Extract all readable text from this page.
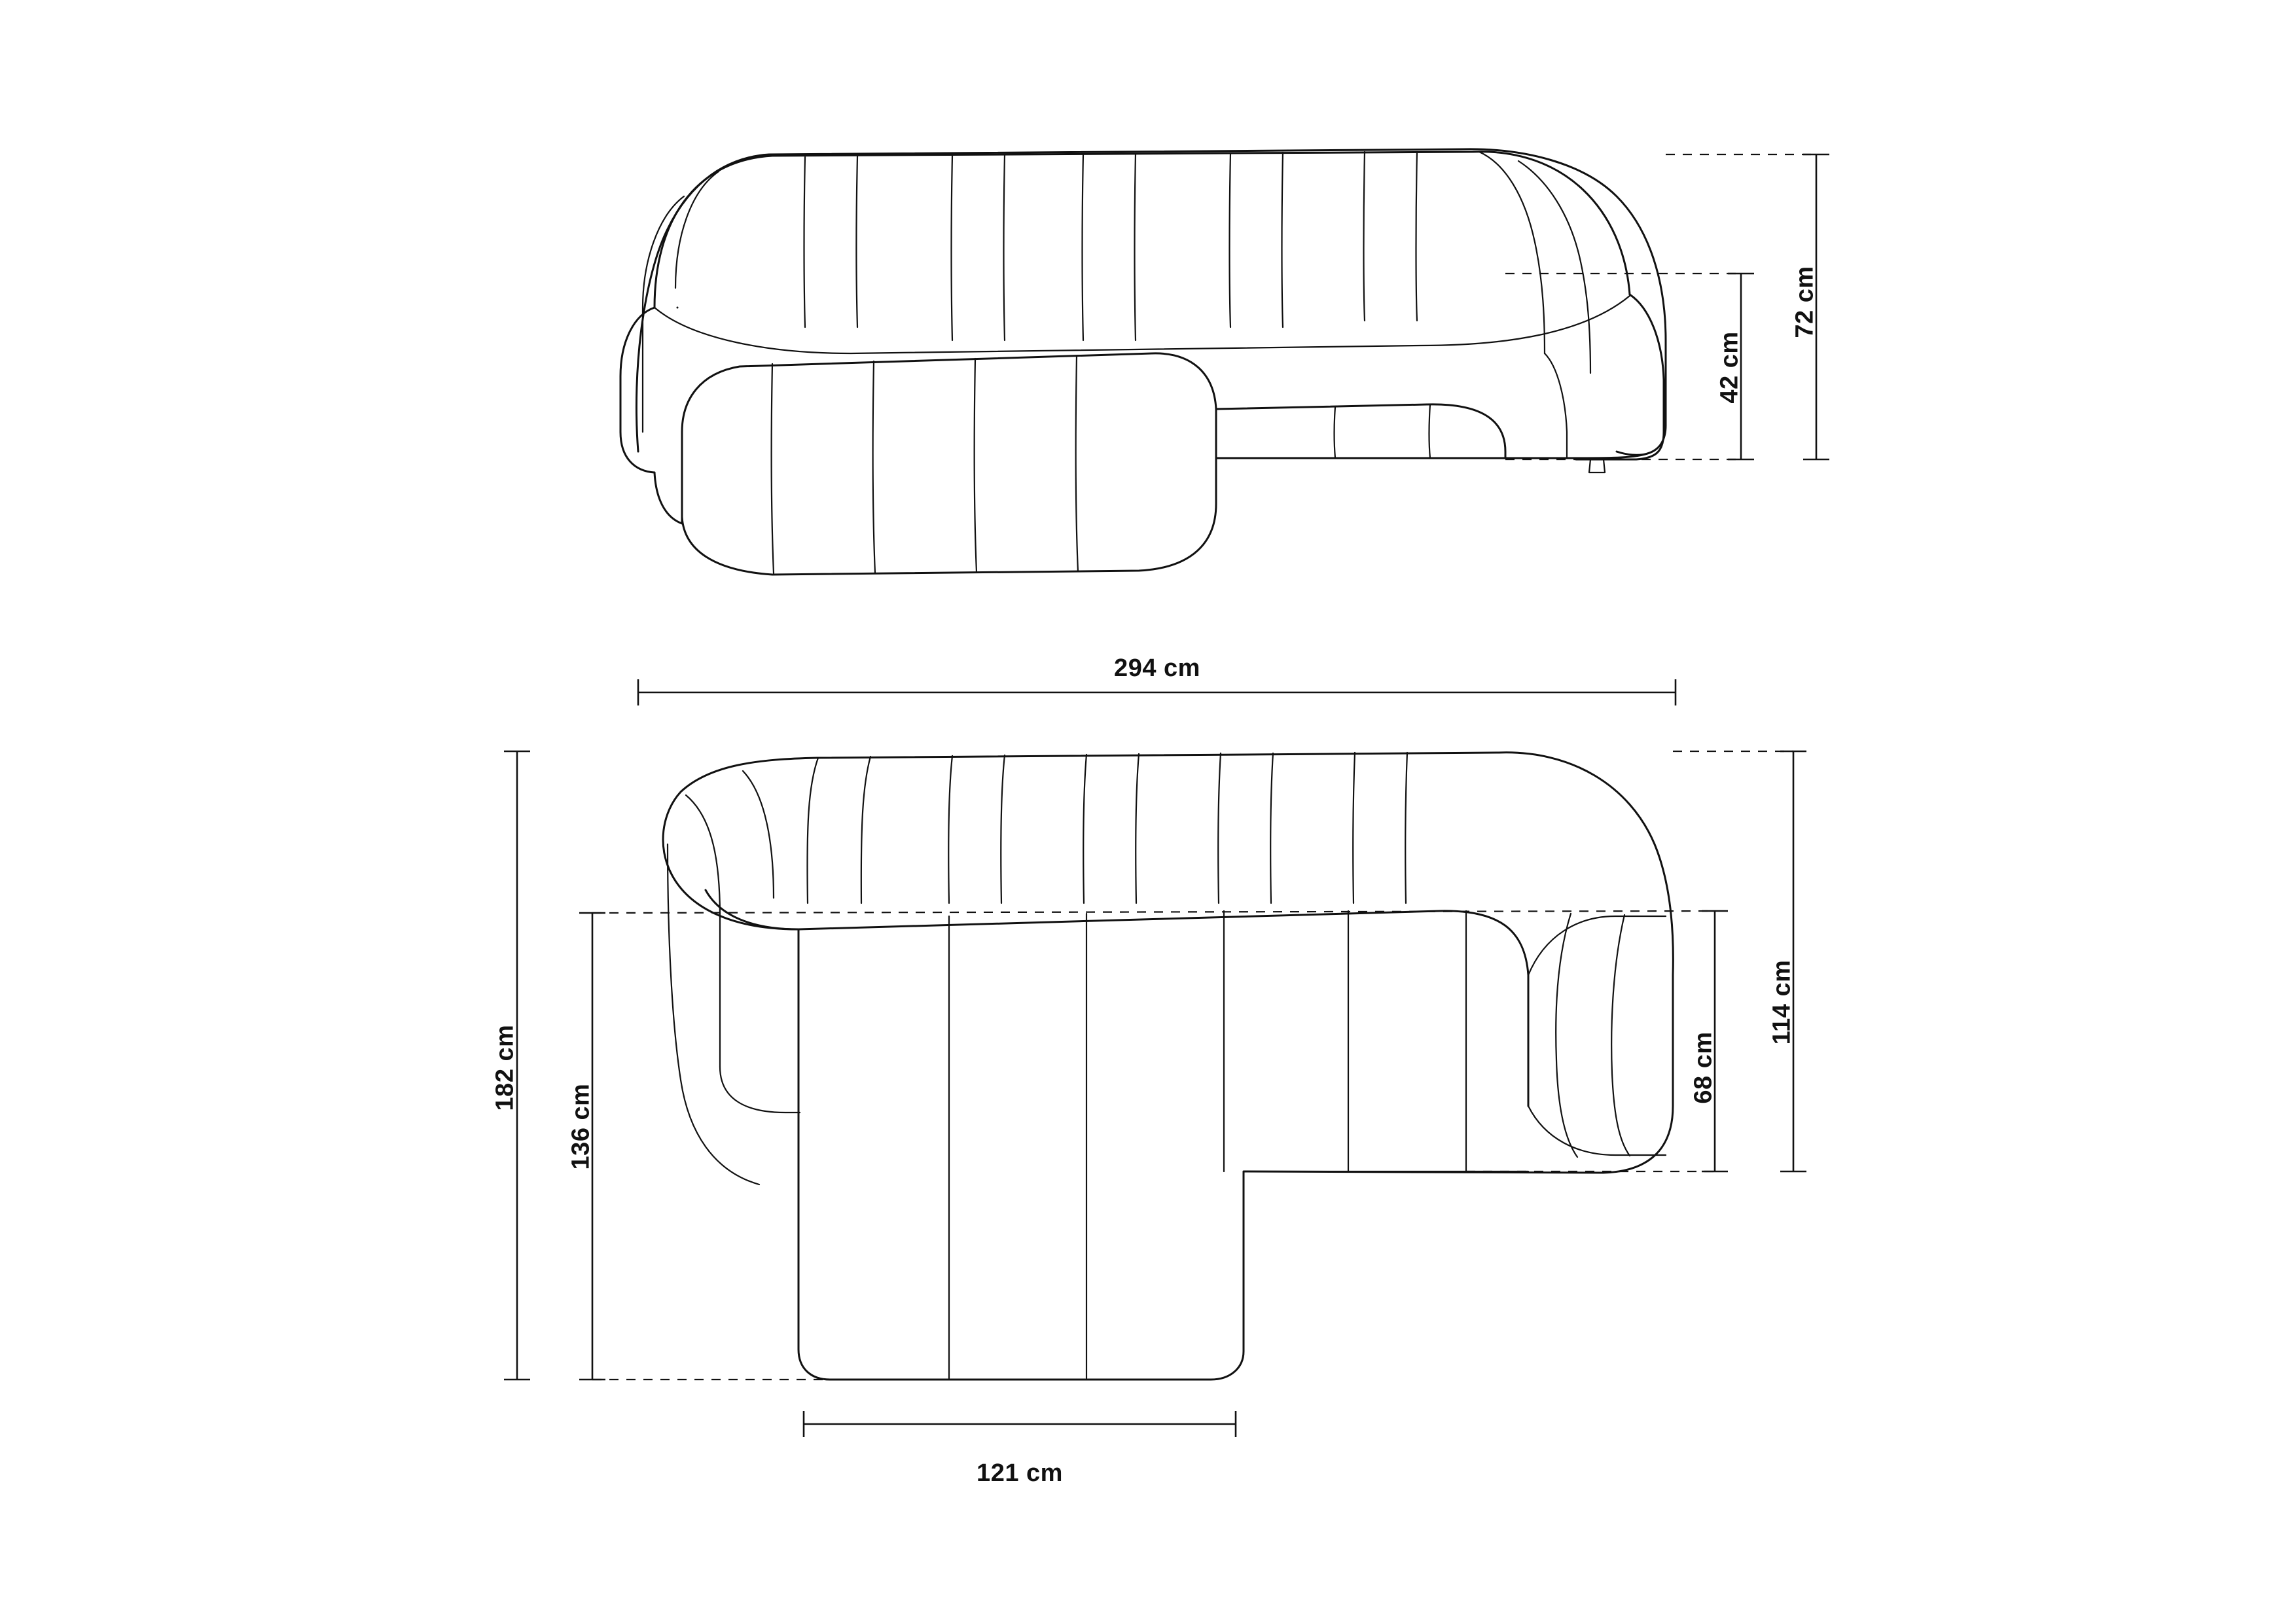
72 cm
42 cm
294 cm
182 cm
136 cm
114 cm
68 cm
121 cm
